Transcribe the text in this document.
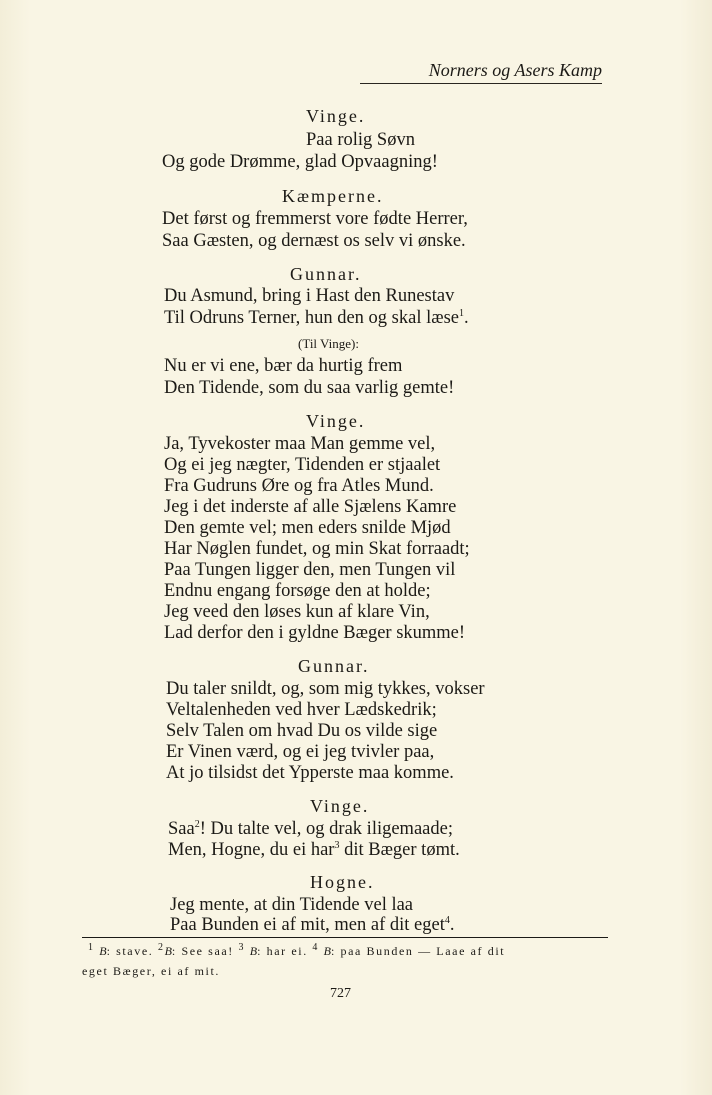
Norners og Asers Kamp
Vinge.
Paa rolig Søvn
Og gode Drømme, glad Opvaagning!
Kæmperne.
Det først og fremmerst vore fødte Herrer,
Saa Gæsten, og dernæst os selv vi ønske.
Gunnar.
Du Asmund, bring i Hast den Runestav
Til Odruns Terner, hun den og skal læse$^1$.
(Til Vinge):
Nu er vi ene, bær da hurtig frem
Den Tidende, som du saa varlig gemte!
Vinge.
Ja, Tyvekoster maa Man gemme vel,
Og ei jeg nægter, Tidenden er stjaalet
Fra Gudruns Øre og fra Atles Mund.
Jeg i det inderste af alle Sjælens Kamre
Den gemte vel; men eders snilde Mjød
Har Nøglen fundet, og min Skat forraadt;
Paa Tungen ligger den, men Tungen vil
Endnu engang forsøge den at holde;
Jeg veed den løses kun af klare Vin,
Lad derfor den i gyldne Bæger skumme!
Gunnar.
Du taler snildt, og, som mig tykkes, vokser
Veltalenheden ved hver Lædskedrik;
Selv Talen om hvad Du os vilde sige
Er Vinen værd, og ei jeg tvivler paa,
At jo tilsidst det Ypperste maa komme.
Vinge.
Saa$^2$! Du talte vel, og drak iligemaade;
Men, Hogne, du ei har$^3$ dit Bæger tømt.
Hogne.
Jeg mente, at din Tidende vel laa
Paa Bunden ei af mit, men af dit eget$^4$.
$^1$ B: stave. $^2$B: See saa! $^3$ B: har ei. $^4$ B: paa Bunden — Laae af dit
eget Bæger, ei af mit.
727
